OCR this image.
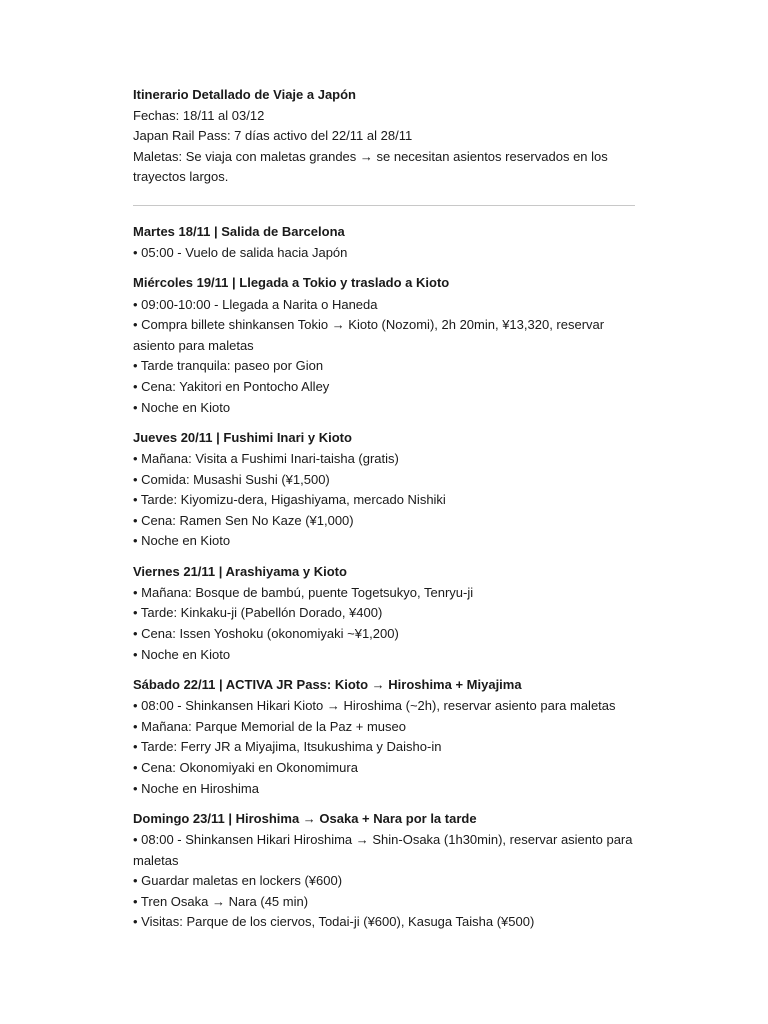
Itinerario Detallado de Viaje a Japón

Fechas: 18/11 al 03/12

Japan Rail Pass: 7 días activo del 22/11 al 28/11

Maletas: Se viaja con maletas grandes → se necesitan asientos reservados en los trayectos largos.

Martes 18/11 | Salida de Barcelona

• 05:00 - Vuelo de salida hacia Japón

Miércoles 19/11 | Llegada a Tokio y traslado a Kioto

• 09:00-10:00 - Llegada a Narita o Haneda

• Compra billete shinkansen Tokio → Kioto (Nozomi), 2h 20min, ¥13,320, reservar asiento para maletas

• Tarde tranquila: paseo por Gion

• Cena: Yakitori en Pontocho Alley

• Noche en Kioto

Jueves 20/11 | Fushimi Inari y Kioto

• Mañana: Visita a Fushimi Inari-taisha (gratis)

• Comida: Musashi Sushi (¥1,500)

• Tarde: Kiyomizu-dera, Higashiyama, mercado Nishiki

• Cena: Ramen Sen No Kaze (¥1,000)

• Noche en Kioto

Viernes 21/11 | Arashiyama y Kioto

• Mañana: Bosque de bambú, puente Togetsukyo, Tenryu-ji

• Tarde: Kinkaku-ji (Pabellón Dorado, ¥400)

• Cena: Issen Yoshoku (okonomiyaki ~¥1,200)

• Noche en Kioto

Sábado 22/11 | ACTIVA JR Pass: Kioto → Hiroshima + Miyajima

• 08:00 - Shinkansen Hikari Kioto → Hiroshima (~2h), reservar asiento para maletas

• Mañana: Parque Memorial de la Paz + museo

• Tarde: Ferry JR a Miyajima, Itsukushima y Daisho-in

• Cena: Okonomiyaki en Okonomimura

• Noche en Hiroshima

Domingo 23/11 | Hiroshima → Osaka + Nara por la tarde

• 08:00 - Shinkansen Hikari Hiroshima → Shin-Osaka (1h30min), reservar asiento para maletas

• Guardar maletas en lockers (¥600)

• Tren Osaka → Nara (45 min)

• Visitas: Parque de los ciervos, Todai-ji (¥600), Kasuga Taisha (¥500)
